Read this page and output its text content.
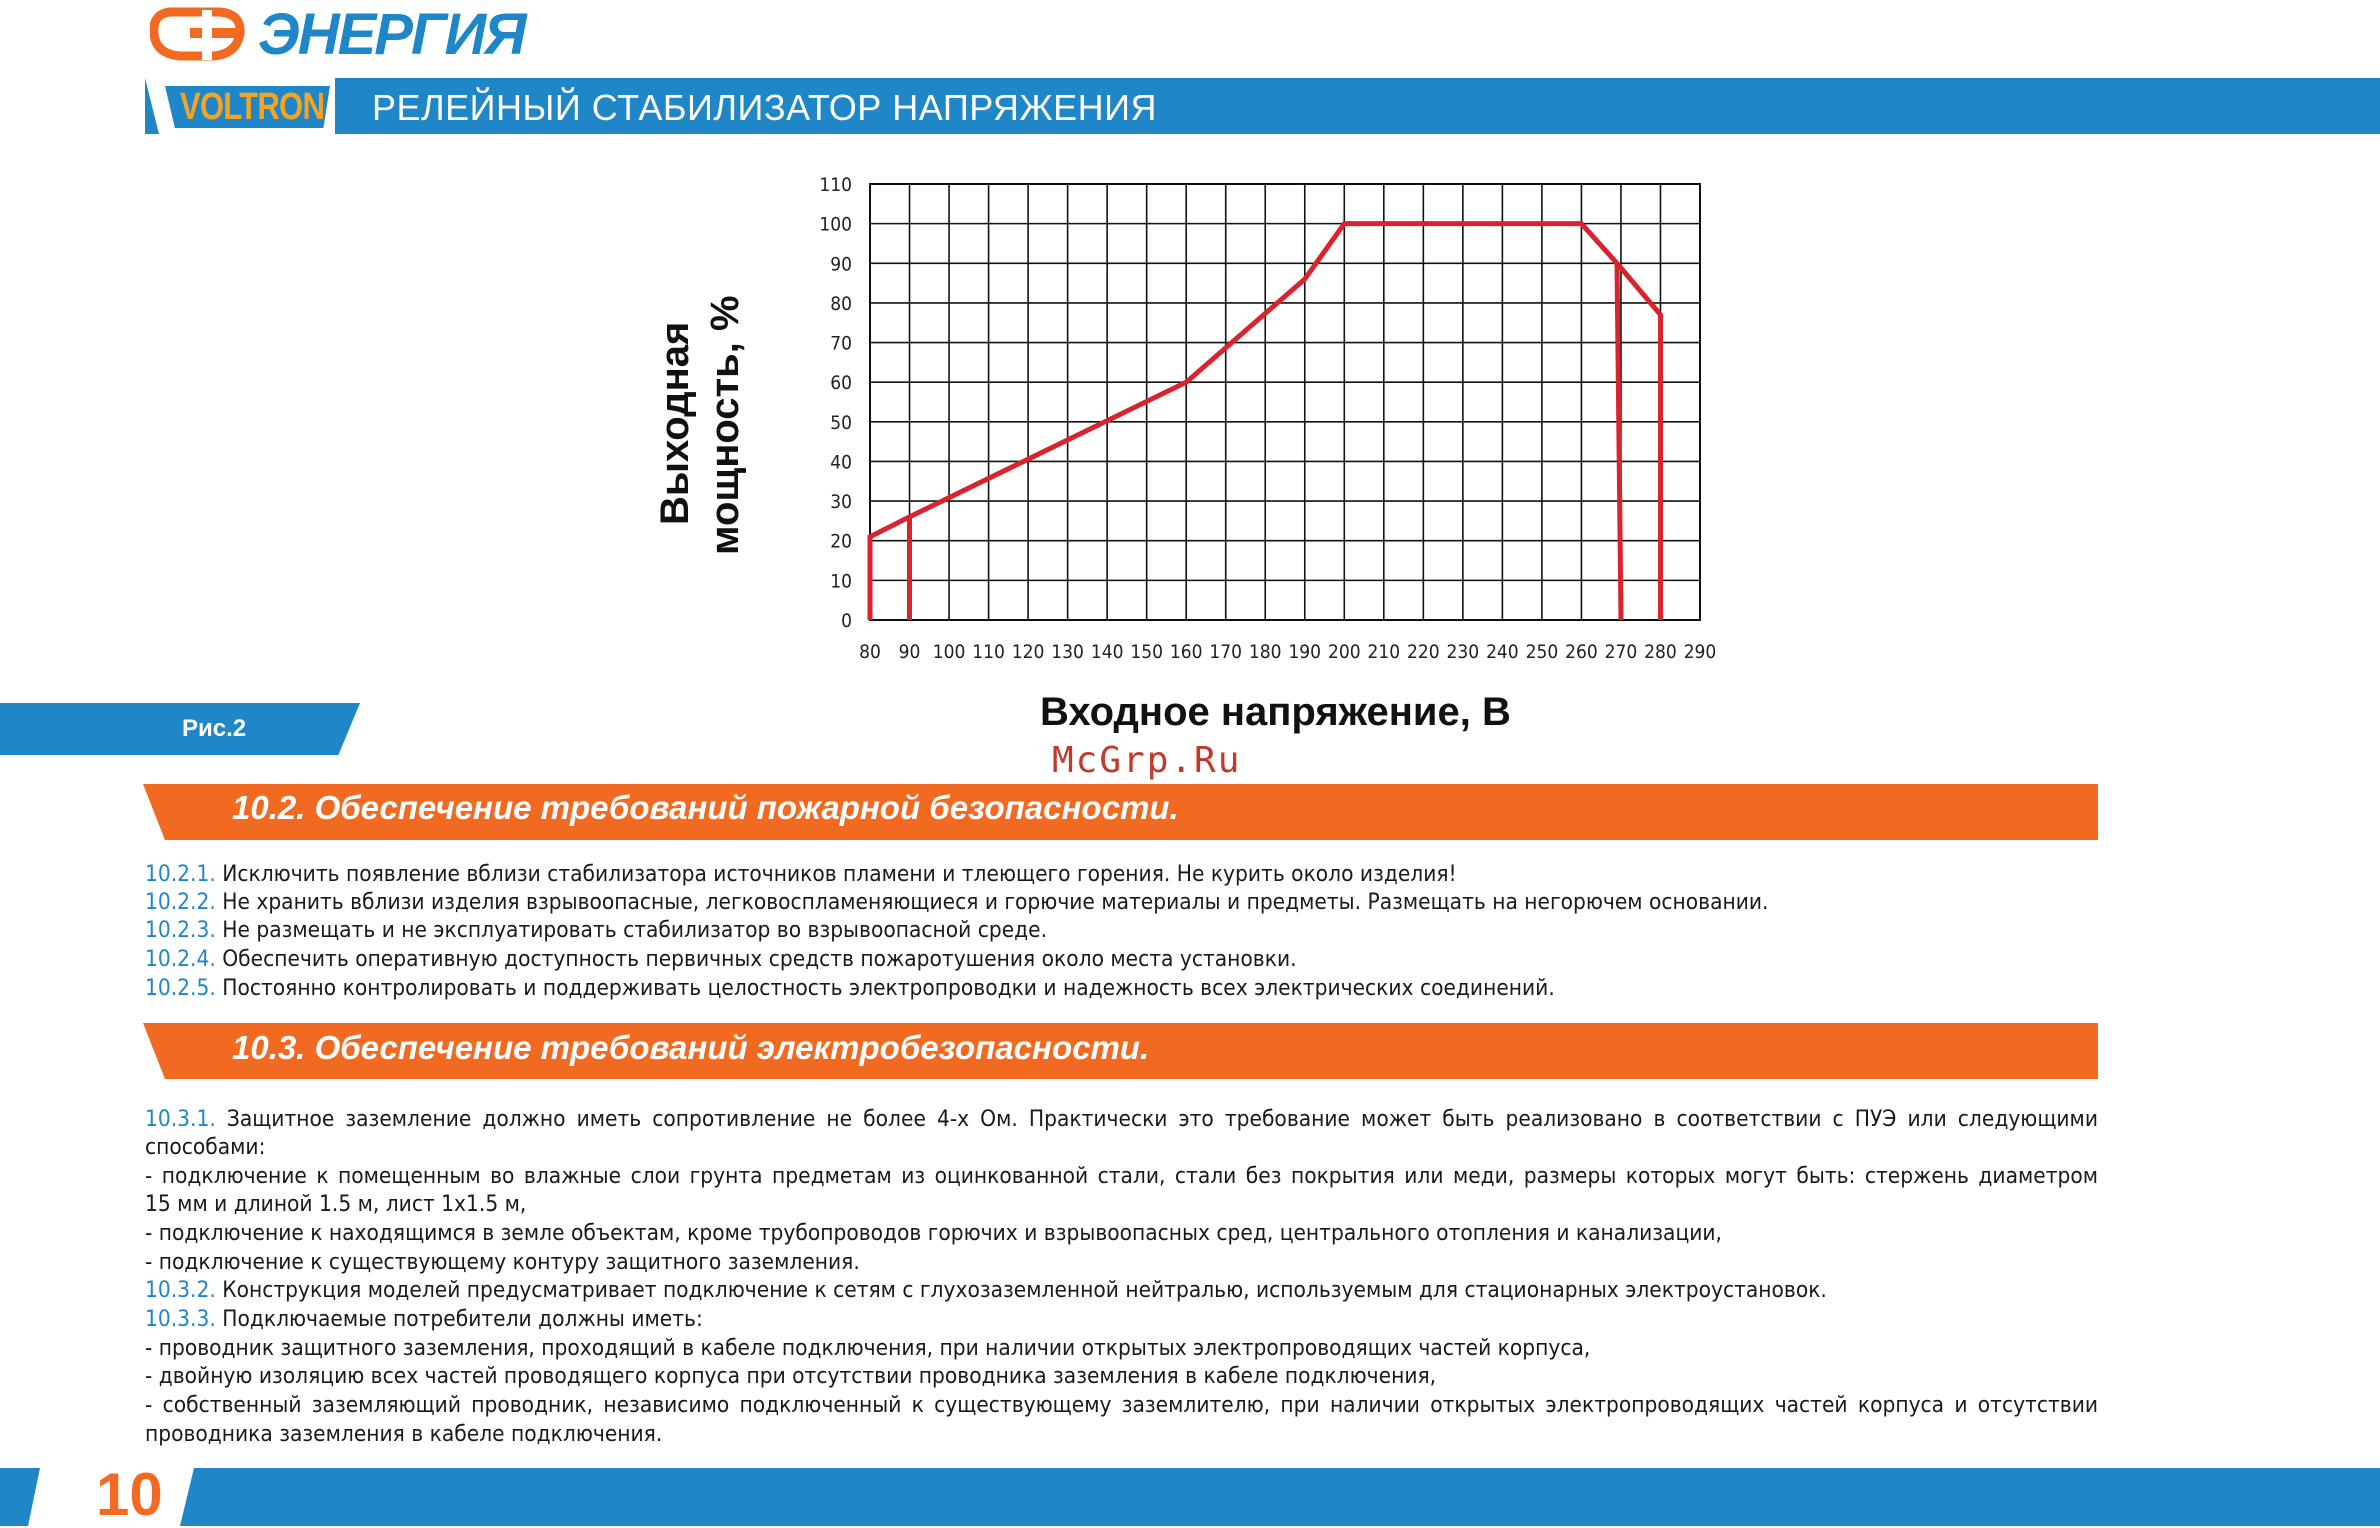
ЭНЕРГИЯ
VOLTRON РЕЛЕЙНЫЙ СТАБИЛИЗАТОР НАПРЯЖЕНИЯ
Выходная мощность, %
0
10
20
30
40
50
60
70
80
90
100
110
80 90 100 110 120 130 140 150 160 170 180 190 200 210 220 230 240 250 260 270 280 290
Рис.2	Входное напряжение, В
McGrp.Ru
10.2. Обеспечение требований пожарной безопасности.
10.2.1. Исключить появление вблизи стабилизатора источников пламени и тлеющего горения. Не курить около изделия!
10.2.2. Не хранить вблизи изделия взрывоопасные, легковоспламеняющиеся и горючие материалы и предметы. Размещать на негорючем основании.
10.2.3. Не размещать и не эксплуатировать стабилизатор во взрывоопасной среде.
10.2.4. Обеспечить оперативную доступность первичных средств пожаротушения около места установки.
10.2.5. Постоянно контролировать и поддерживать целостность электропроводки и надежность всех электрических соединений.
10.3. Обеспечение требований электробезопасности.
10.3.1. Защитное заземление должно иметь сопротивление не более 4-х Ом. Практически это требование может быть реализовано в соответствии с ПУЭ или следующими
способами:
- подключение к помещенным во влажные слои грунта предметам из оцинкованной стали, стали без покрытия или меди, размеры которых могут быть: стержень диаметром
15 мм и длиной 1.5 м, лист 1х1.5 м,
- подключение к находящимся в земле объектам, кроме трубопроводов горючих и взрывоопасных сред, центрального отопления и канализации,
- подключение к существующему контуру защитного заземления.
10.3.2. Конструкция моделей предусматривает подключение к сетям с глухозаземленной нейтралью, используемым для стационарных электроустановок.
10.3.3. Подключаемые потребители должны иметь:
- проводник защитного заземления, проходящий в кабеле подключения, при наличии открытых электропроводящих частей корпуса,
- двойную изоляцию всех частей проводящего корпуса при отсутствии проводника заземления в кабеле подключения,
- собственный заземляющий проводник, независимо подключенный к существующему заземлителю, при наличии открытых электропроводящих частей корпуса и отсутствии
проводника заземления в кабеле подключения.
10
